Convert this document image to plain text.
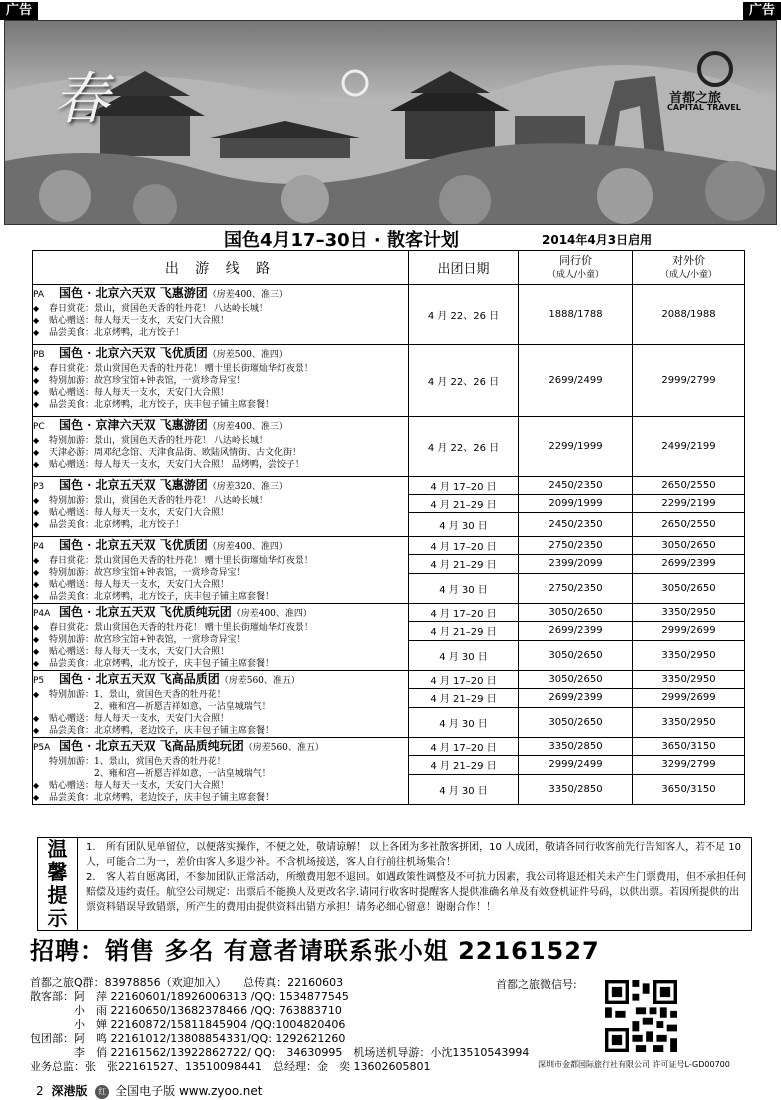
广告	广告
春	首都之旅
CAPITAL TRAVEL
国色4月17–30日 · 散客计划	2014年4月3日启用
出 游 线 路	出团日期	同行价
（成人/小童）	对外价
（成人/小童）

PA 国色 · 北京六天双 飞惠游团（房差400、准三）
◆ 春日赏花：景山，赏国色天香的牡丹花！ 八达岭长城！
◆ 贴心赠送：每人每天一支水，天安门大合照！
◆ 品尝美食：北京烤鸭，北方饺子！	4 月 22、26 日	1888/1788	2088/1988

PB 国色 · 北京六天双 飞优质团（房差500、准四）
◆ 春日赏花：景山赏国色天香的牡丹花！ 赠十里长街璀灿华灯夜景！
◆ 特别加游：故宫珍宝馆+钟表馆，一赏珍奇异宝！
◆ 贴心赠送：每人每天一支水，天安门大合照！
◆ 品尝美食：北京烤鸭，北方饺子，庆丰包子铺主席套餐！	4 月 22、26 日	2699/2499	2999/2799

PC 国色 · 京津六天双 飞惠游团（房差400、准三）
◆ 特别加游：景山，赏国色天香的牡丹花！ 八达岭长城！
◆ 天津必游：周邓纪念馆、天津食品街、欧陆风情街、古文化街！
◆ 贴心赠送：每人每天一支水，天安门大合照！ 品烤鸭，尝饺子！	4 月 22、26 日	2299/1999	2499/2199

P3 国色 · 北京五天双 飞惠游团（房差320、准三）
◆ 特别加游：景山，赏国色天香的牡丹花！ 八达岭长城！
◆ 贴心赠送：每人每天一支水，天安门大合照！
◆ 品尝美食：北京烤鸭，北方饺子！	4 月 17–20 日	2450/2350	2650/2550
	4 月 21–29 日	2099/1999	2299/2199
	4 月 30 日	2450/2350	2650/2550

P4 国色 · 北京五天双 飞优质团（房差400、准四）
◆ 春日赏花：景山赏国色天香的牡丹花！ 赠十里长街璀灿华灯夜景！
◆ 特别加游：故宫珍宝馆+钟表馆，一赏珍奇异宝！
◆ 贴心赠送：每人每天一支水，天安门大合照！
◆ 品尝美食：北京烤鸭，北方饺子，庆丰包子铺主席套餐！	4 月 17–20 日	2750/2350	3050/2650
	4 月 21–29 日	2399/2099	2699/2399
	4 月 30 日	2750/2350	3050/2650

P4A 国色 · 北京五天双 飞优质纯玩团（房差400、准四）
◆ 春日赏花：景山赏国色天香的牡丹花！ 赠十里长街璀灿华灯夜景！
◆ 特别加游：故宫珍宝馆+钟表馆，一赏珍奇异宝！
◆ 贴心赠送：每人每天一支水，天安门大合照！
◆ 品尝美食：北京烤鸭，北方饺子，庆丰包子铺主席套餐！	4 月 17–20 日	3050/2650	3350/2950
	4 月 21–29 日	2699/2399	2999/2699
	4 月 30 日	3050/2650	3350/2950

P5 国色 · 北京五天双 飞高品质团（房差560、准五）
◆ 特别加游：1、景山，赏国色天香的牡丹花！
　　　　　2、雍和宫—祈愿吉祥如意，一沾皇城瑞气！
◆ 贴心赠送：每人每天一支水，天安门大合照！
◆ 品尝美食：北京烤鸭，老边饺子，庆丰包子铺主席套餐！	4 月 17–20 日	3050/2650	3350/2950
	4 月 21–29 日	2699/2399	2999/2699
	4 月 30 日	3050/2650	3350/2950

P5A 国色 · 北京五天双 飞高品质纯玩团（房差560、准五）
特别加游：1、景山，赏国色天香的牡丹花！
　　　　　2、雍和宫—祈愿吉祥如意，一沾皇城瑞气！
◆ 贴心赠送：每人每天一支水，天安门大合照！
◆ 品尝美食：北京烤鸭，老边饺子，庆丰包子铺主席套餐！	4 月 17–20 日	3350/2850	3650/3150
	4 月 21–29 日	2999/2499	3299/2799
	4 月 30 日	3350/2850	3650/3150
温
馨
提
示
1. 所有团队见单留位，以便落实操作，不便之处，敬请谅解！ 以上各团为多社散客拼团，10 人成团，敬请各同行收客前先行告知客人，若不足 10 人，可能合二为一，差价由客人多退少补。不含机场接送，客人自行前往机场集合！
2. 客人若自愿离团，不参加团队正常活动，所缴费用恕不退回。如遇政策性调整及不可抗力因素，我公司将退还相关未产生门票费用，但不承担任何赔偿及违约责任。航空公司规定：出票后不能换人及更改名字.请同行收客时提醒客人提供准确名单及有效登机证件号码，以供出票。若因所提供的出票资料错误导致错票，所产生的费用由提供资料出错方承担！请务必细心留意！谢谢合作！！
招聘：销售 多名 有意者请联系张小姐 22161527
首都之旅Q群：83978856（欢迎加入）　　总传真：22160603
散客部：阿　萍 22160601/18926006313 /QQ: 1534877545
　　　　小　雨 22160650/13682378466 /QQ: 763883710
　　　　小　婵 22160872/15811845904 /QQ:1004820406
包团部：阿　鸣 22161012/13808854331/QQ: 1292621260
　　　　李　俏 22161562/13922862722/ QQ:　34630995　机场送机导游：小沈13510543994
业务总监：张　张22161527、13510098441　总经理：金　奕 13602605801
首都之旅微信号:
深圳市金都国际旅行社有限公司 许可证号L-GD00700
2 深港版 红 全国电子版 www.zyoo.net
